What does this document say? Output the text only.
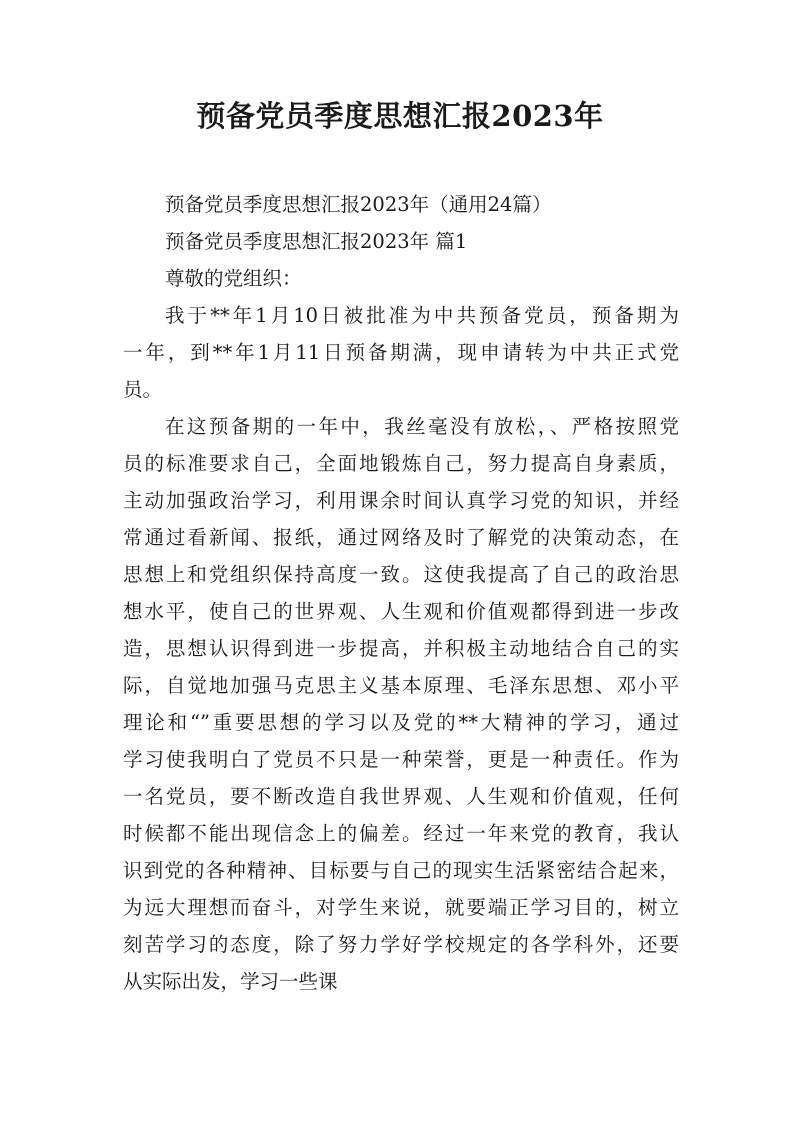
预备党员季度思想汇报2023年
预备党员季度思想汇报2023年（通用24篇）
预备党员季度思想汇报2023年 篇1
尊敬的党组织：
我于**年1月10日被批准为中共预备党员，预备期为
一年，到**年1月11日预备期满，现申请转为中共正式党
员。
在这预备期的一年中，我丝毫没有放松，、严格按照党
员的标准要求自己，全面地锻炼自己，努力提高自身素质，
主动加强政治学习，利用课余时间认真学习党的知识，并经
常通过看新闻、报纸，通过网络及时了解党的决策动态，在
思想上和党组织保持高度一致。这使我提高了自己的政治思
想水平，使自己的世界观、人生观和价值观都得到进一步改
造，思想认识得到进一步提高，并积极主动地结合自己的实
际，自觉地加强马克思主义基本原理、毛泽东思想、邓小平
理论和“”重要思想的学习以及党的**大精神的学习，通过
学习使我明白了党员不只是一种荣誉，更是一种责任。作为
一名党员，要不断改造自我世界观、人生观和价值观，任何
时候都不能出现信念上的偏差。经过一年来党的教育，我认
识到党的各种精神、目标要与自己的现实生活紧密结合起来，
为远大理想而奋斗，对学生来说，就要端正学习目的，树立
刻苦学习的态度，除了努力学好学校规定的各学科外，还要
从实际出发，学习一些课
